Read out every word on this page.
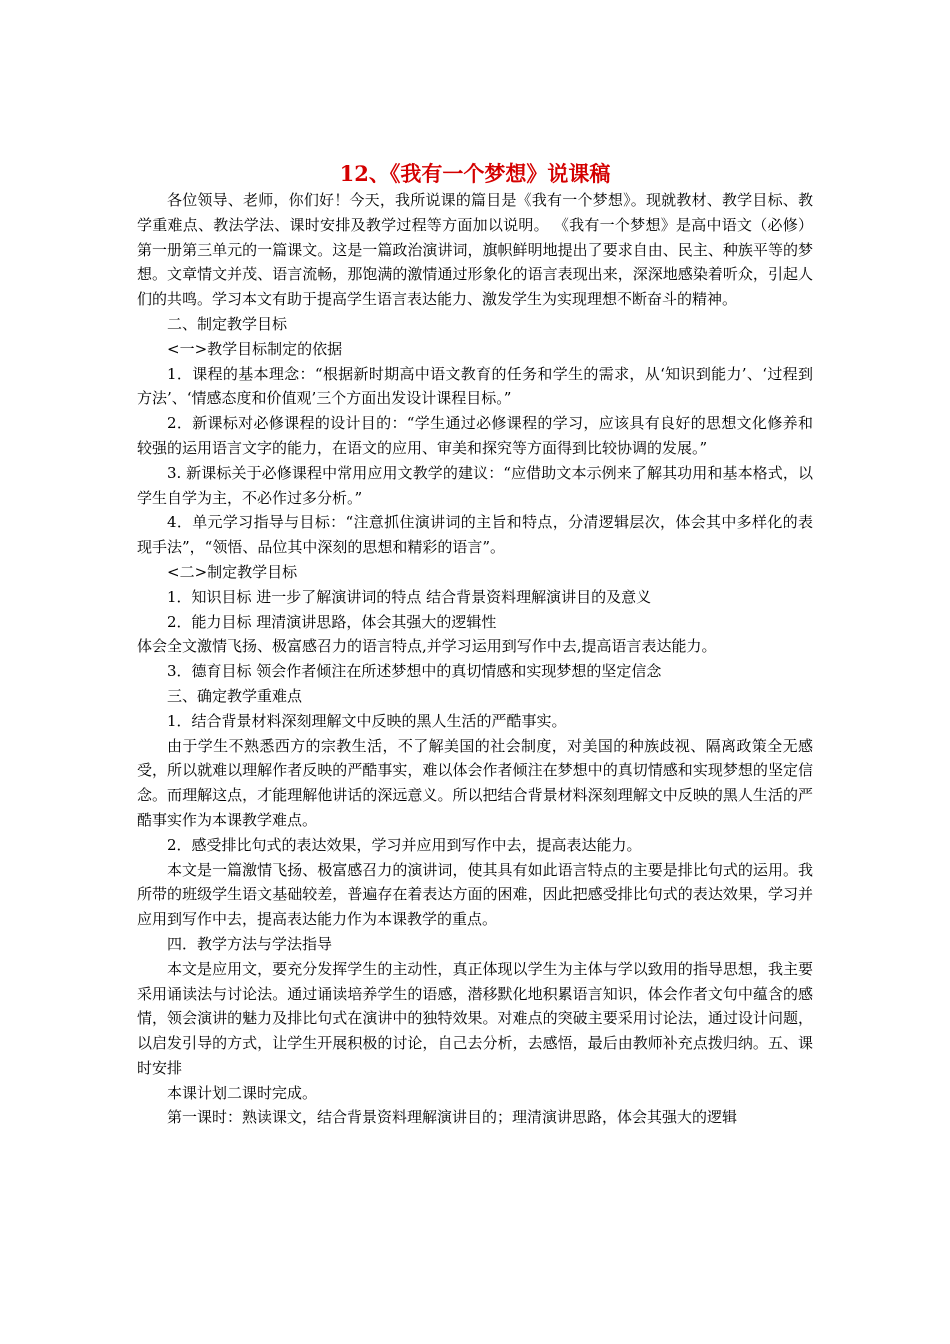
12、《我有一个梦想》说课稿

各位领导、老师，你们好！今天，我所说课的篇目是《我有一个梦想》。现就教材、教学目标、教学重难点、教法学法、课时安排及教学过程等方面加以说明。 《我有一个梦想》是高中语文（必修）第一册第三单元的一篇课文。这是一篇政治演讲词，旗帜鲜明地提出了要求自由、民主、种族平等的梦想。文章情文并茂、语言流畅，那饱满的激情通过形象化的语言表现出来，深深地感染着听众，引起人们的共鸣。学习本文有助于提高学生语言表达能力、激发学生为实现理想不断奋斗的精神。

二、制定教学目标

<一>教学目标制定的依据

1．课程的基本理念：“根据新时期高中语文教育的任务和学生的需求，从‘知识到能力’、‘过程到方法’、‘情感态度和价值观’三个方面出发设计课程目标。”

2．新课标对必修课程的设计目的：“学生通过必修课程的学习，应该具有良好的思想文化修养和较强的运用语言文字的能力，在语文的应用、审美和探究等方面得到比较协调的发展。”

3. 新课标关于必修课程中常用应用文教学的建议：“应借助文本示例来了解其功用和基本格式，以学生自学为主，不必作过多分析。”

4．单元学习指导与目标：“注意抓住演讲词的主旨和特点，分清逻辑层次，体会其中多样化的表现手法”，“领悟、品位其中深刻的思想和精彩的语言”。

<二>制定教学目标

1．知识目标 进一步了解演讲词的特点 结合背景资料理解演讲目的及意义

2．能力目标 理清演讲思路，体会其强大的逻辑性

体会全文激情飞扬、极富感召力的语言特点,并学习运用到写作中去,提高语言表达能力。

3．德育目标 领会作者倾注在所述梦想中的真切情感和实现梦想的坚定信念

三、确定教学重难点

1．结合背景材料深刻理解文中反映的黑人生活的严酷事实。

由于学生不熟悉西方的宗教生活，不了解美国的社会制度，对美国的种族歧视、隔离政策全无感受，所以就难以理解作者反映的严酷事实，难以体会作者倾注在梦想中的真切情感和实现梦想的坚定信念。而理解这点，才能理解他讲话的深远意义。所以把结合背景材料深刻理解文中反映的黑人生活的严酷事实作为本课教学难点。

2．感受排比句式的表达效果，学习并应用到写作中去，提高表达能力。

本文是一篇激情飞扬、极富感召力的演讲词，使其具有如此语言特点的主要是排比句式的运用。我所带的班级学生语文基础较差，普遍存在着表达方面的困难，因此把感受排比句式的表达效果，学习并应用到写作中去，提高表达能力作为本课教学的重点。

四．教学方法与学法指导

本文是应用文，要充分发挥学生的主动性，真正体现以学生为主体与学以致用的指导思想，我主要采用诵读法与讨论法。通过诵读培养学生的语感，潜移默化地积累语言知识，体会作者文句中蕴含的感情，领会演讲的魅力及排比句式在演讲中的独特效果。对难点的突破主要采用讨论法，通过设计问题，以启发引导的方式，让学生开展积极的讨论，自己去分析，去感悟，最后由教师补充点拨归纳。五、课时安排

本课计划二课时完成。

第一课时：熟读课文，结合背景资料理解演讲目的；理清演讲思路，体会其强大的逻辑
